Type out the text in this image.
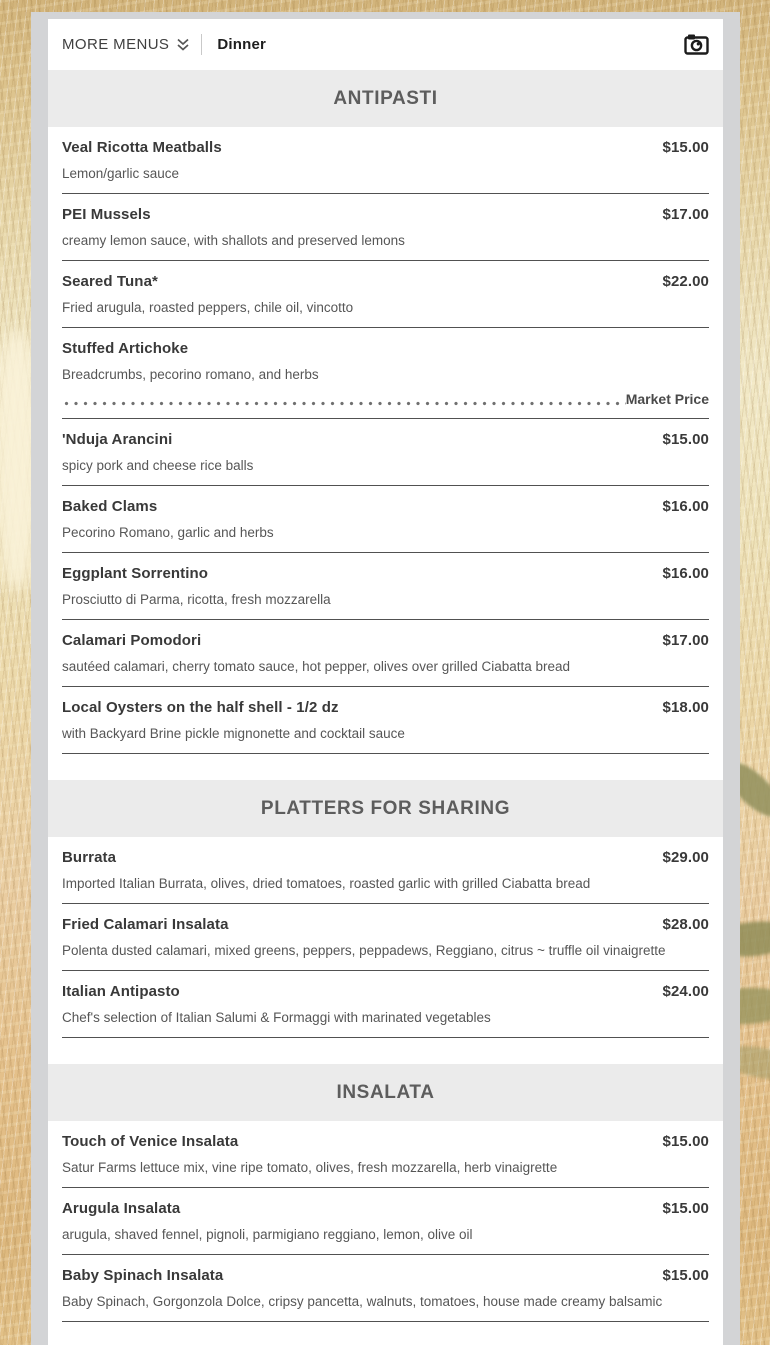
MORE MENUS	Dinner
ANTIPASTI
Veal Ricotta Meatballs	$15.00
Lemon/garlic sauce
PEI Mussels	$17.00
creamy lemon sauce, with shallots and preserved lemons
Seared Tuna*	$22.00
Fried arugula, roasted peppers, chile oil, vincotto
Stuffed Artichoke
Breadcrumbs, pecorino romano, and herbs
Market Price
'Nduja Arancini	$15.00
spicy pork and cheese rice balls
Baked Clams	$16.00
Pecorino Romano, garlic and herbs
Eggplant Sorrentino	$16.00
Prosciutto di Parma, ricotta, fresh mozzarella
Calamari Pomodori	$17.00
sautéed calamari, cherry tomato sauce, hot pepper, olives over grilled Ciabatta bread
Local Oysters on the half shell - 1/2 dz	$18.00
with Backyard Brine pickle mignonette and cocktail sauce
PLATTERS FOR SHARING
Burrata	$29.00
Imported Italian Burrata, olives, dried tomatoes, roasted garlic with grilled Ciabatta bread
Fried Calamari Insalata	$28.00
Polenta dusted calamari, mixed greens, peppers, peppadews, Reggiano, citrus ~ truffle oil vinaigrette
Italian Antipasto	$24.00
Chef's selection of Italian Salumi & Formaggi with marinated vegetables
INSALATA
Touch of Venice Insalata	$15.00
Satur Farms lettuce mix, vine ripe tomato, olives, fresh mozzarella, herb vinaigrette
Arugula Insalata	$15.00
arugula, shaved fennel, pignoli, parmigiano reggiano, lemon, olive oil
Baby Spinach Insalata	$15.00
Baby Spinach, Gorgonzola Dolce, cripsy pancetta, walnuts, tomatoes, house made creamy balsamic
